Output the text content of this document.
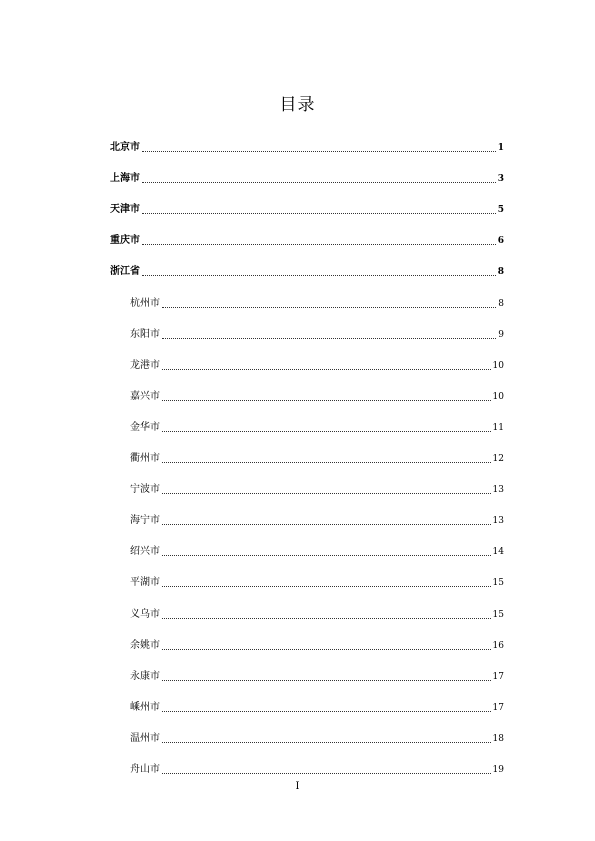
目录
北京市	1
上海市	3
天津市	5
重庆市	6
浙江省	8
杭州市	8
东阳市	9
龙港市	10
嘉兴市	10
金华市	11
衢州市	12
宁波市	13
海宁市	13
绍兴市	14
平湖市	15
义乌市	15
余姚市	16
永康市	17
嵊州市	17
温州市	18
舟山市	19
I
